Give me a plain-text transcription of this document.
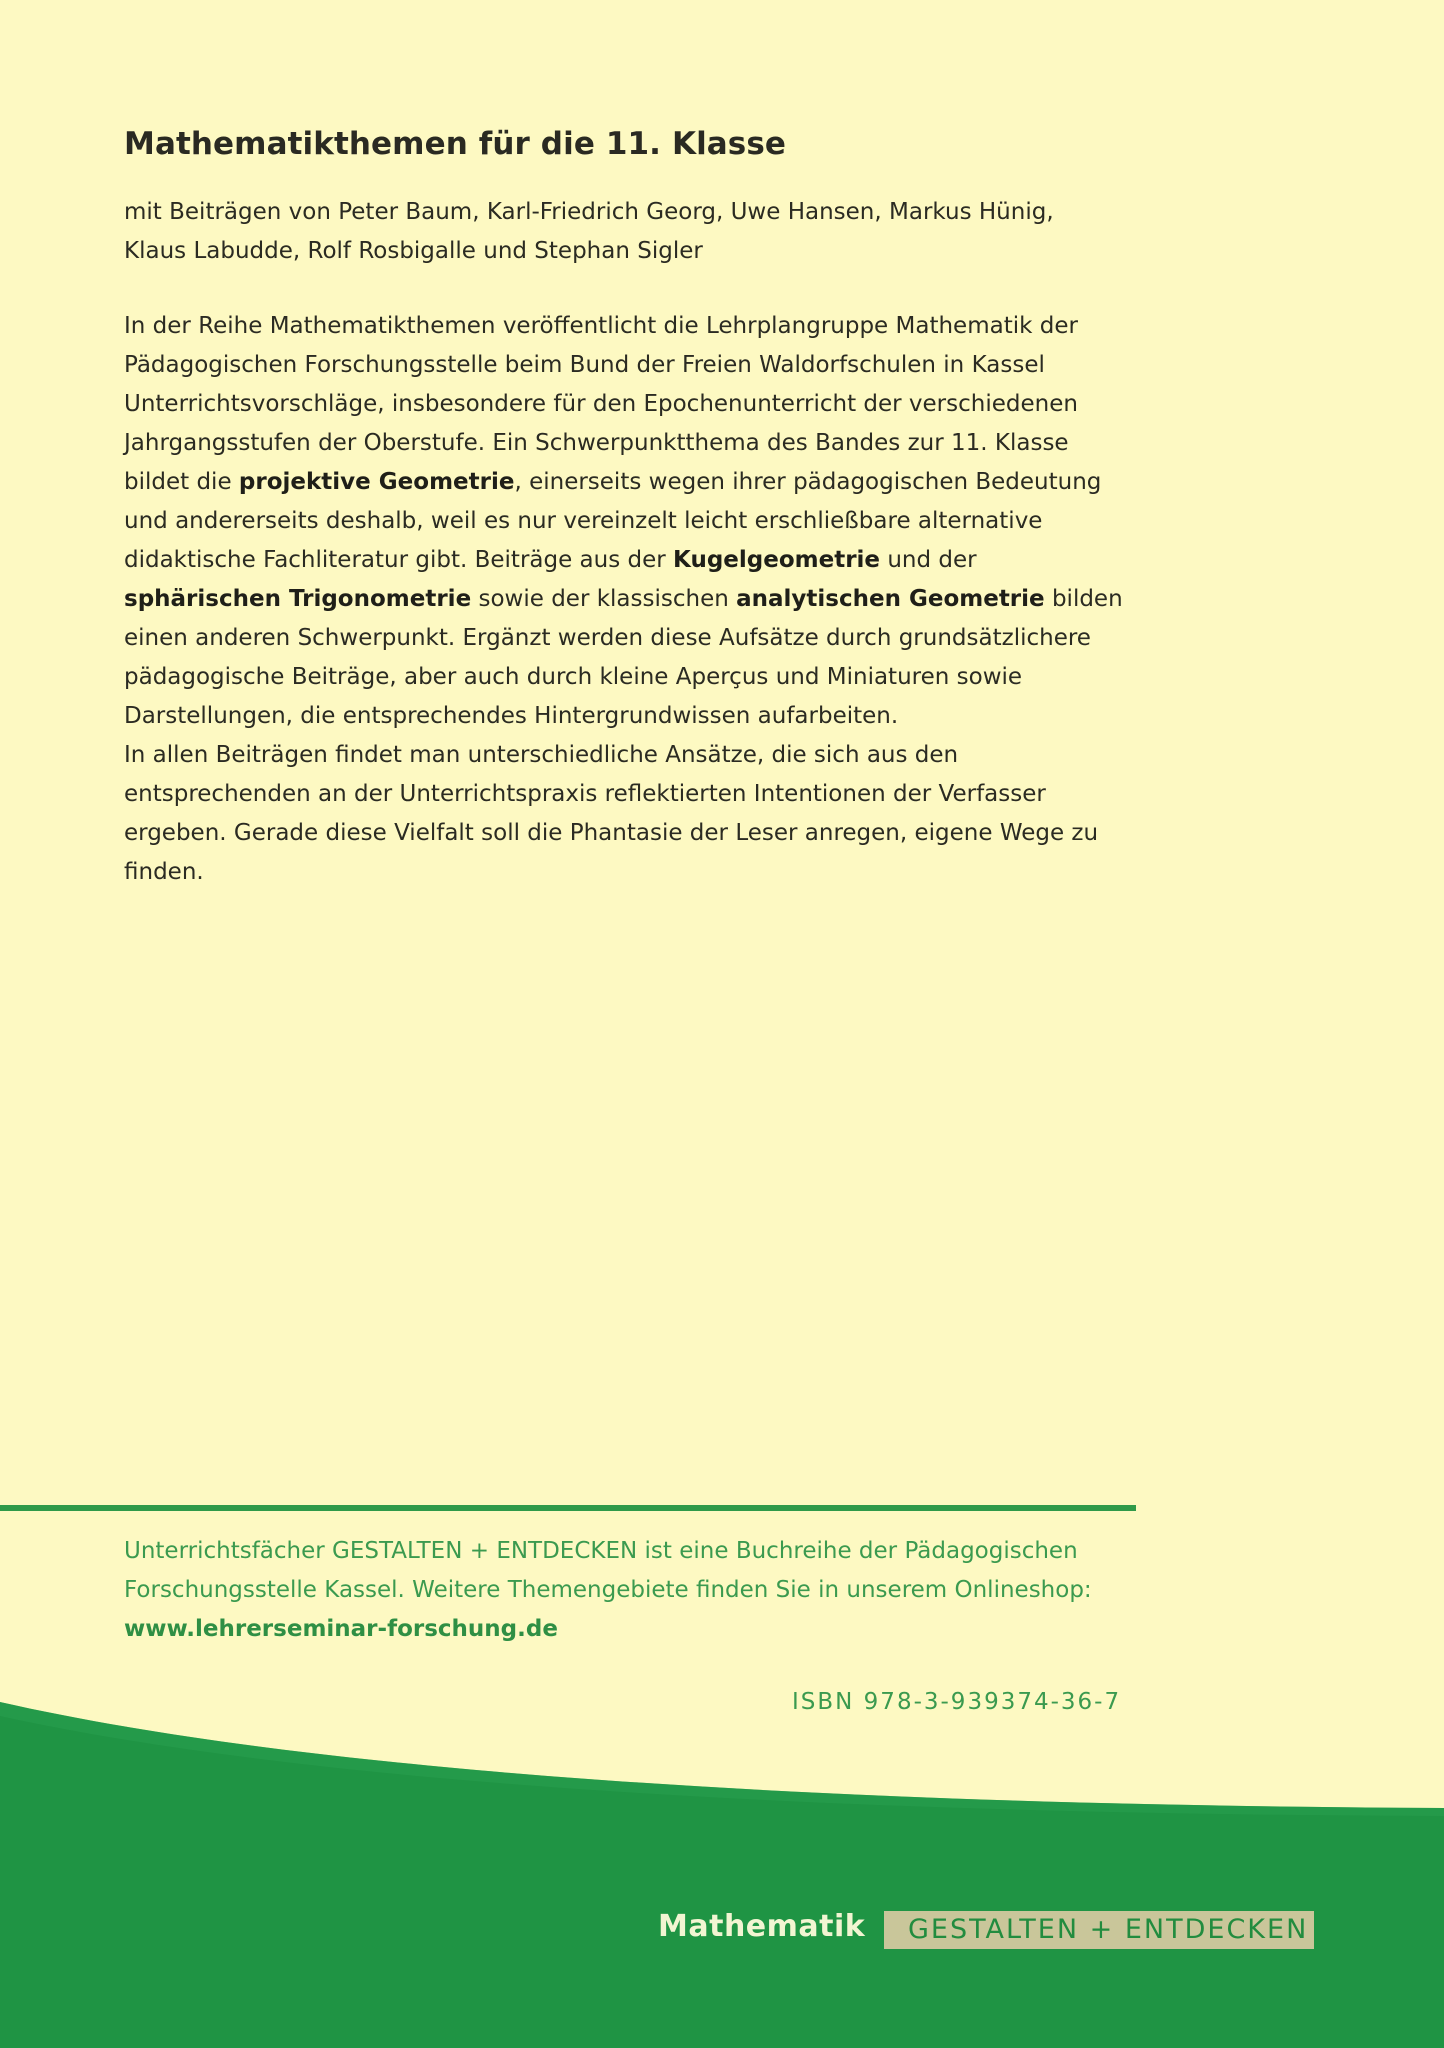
Mathematikthemen für die 11. Klasse

mit Beiträgen von Peter Baum, Karl-Friedrich Georg, Uwe Hansen, Markus Hünig,
Klaus Labudde, Rolf Rosbigalle und Stephan Sigler

In der Reihe Mathematikthemen veröffentlicht die Lehrplangruppe Mathematik der Pädagogischen Forschungsstelle beim Bund der Freien Waldorfschulen in Kassel Unterrichtsvorschläge, insbesondere für den Epochenunterricht der verschiedenen Jahrgangsstufen der Oberstufe. Ein Schwerpunktthema des Bandes zur 11. Klasse bildet die projektive Geometrie, einerseits wegen ihrer pädagogischen Bedeutung und andererseits deshalb, weil es nur vereinzelt leicht erschließbare alternative didaktische Fachliteratur gibt. Beiträge aus der Kugelgeometrie und der sphärischen Trigonometrie sowie der klassischen analytischen Geometrie bilden einen anderen Schwerpunkt. Ergänzt werden diese Aufsätze durch grundsätzlichere pädagogische Beiträge, aber auch durch kleine Aperçus und Miniaturen sowie Darstellungen, die entsprechendes Hintergrundwissen aufarbeiten.

In allen Beiträgen findet man unterschiedliche Ansätze, die sich aus den entsprechenden an der Unterrichtspraxis reflektierten Intentionen der Verfasser ergeben. Gerade diese Vielfalt soll die Phantasie der Leser anregen, eigene Wege zu finden.

Unterrichtsfächer GESTALTEN + ENTDECKEN ist eine Buchreihe der Pädagogischen

Forschungsstelle Kassel. Weitere Themengebiete finden Sie in unserem Onlineshop:

www.lehrerseminar-forschung.de

ISBN 978-3-939374-36-7
Mathematik	GESTALTEN + ENTDECKEN
